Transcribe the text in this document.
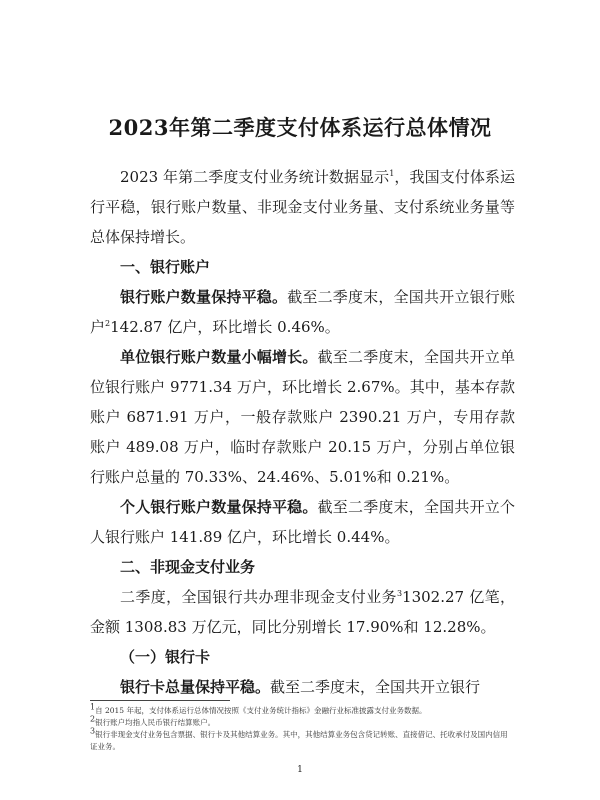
2023年第二季度支付体系运行总体情况

2023 年第二季度支付业务统计数据显示$^1$，我国支付体系运行平稳，银行账户数量、非现金支付业务量、支付系统业务量等总体保持增长。

一、银行账户

银行账户数量保持平稳。截至二季度末，全国共开立银行账户$^2$142.87 亿户，环比增长 0.46%。

单位银行账户数量小幅增长。截至二季度末，全国共开立单位银行账户 9771.34 万户，环比增长 2.67%。其中，基本存款账户 6871.91 万户，一般存款账户 2390.21 万户，专用存款账户 489.08 万户，临时存款账户 20.15 万户，分别占单位银行账户总量的 70.33%、24.46%、5.01%和 0.21%。

个人银行账户数量保持平稳。截至二季度末，全国共开立个人银行账户 141.89 亿户，环比增长 0.44%。

二、非现金支付业务

二季度，全国银行共办理非现金支付业务$^3$1302.27 亿笔，金额 1308.83 万亿元，同比分别增长 17.90%和 12.28%。

（一）银行卡

银行卡总量保持平稳。截至二季度末，全国共开立银行

$^1$自 2015 年起，支付体系运行总体情况按照《支付业务统计指标》金融行业标准披露支付业务数据。
$^2$银行账户均指人民币银行结算账户。
$^3$银行非现金支付业务包含票据、银行卡及其他结算业务。其中，其他结算业务包含贷记转账、直接借记、托收承付及国内信用证业务。
1
